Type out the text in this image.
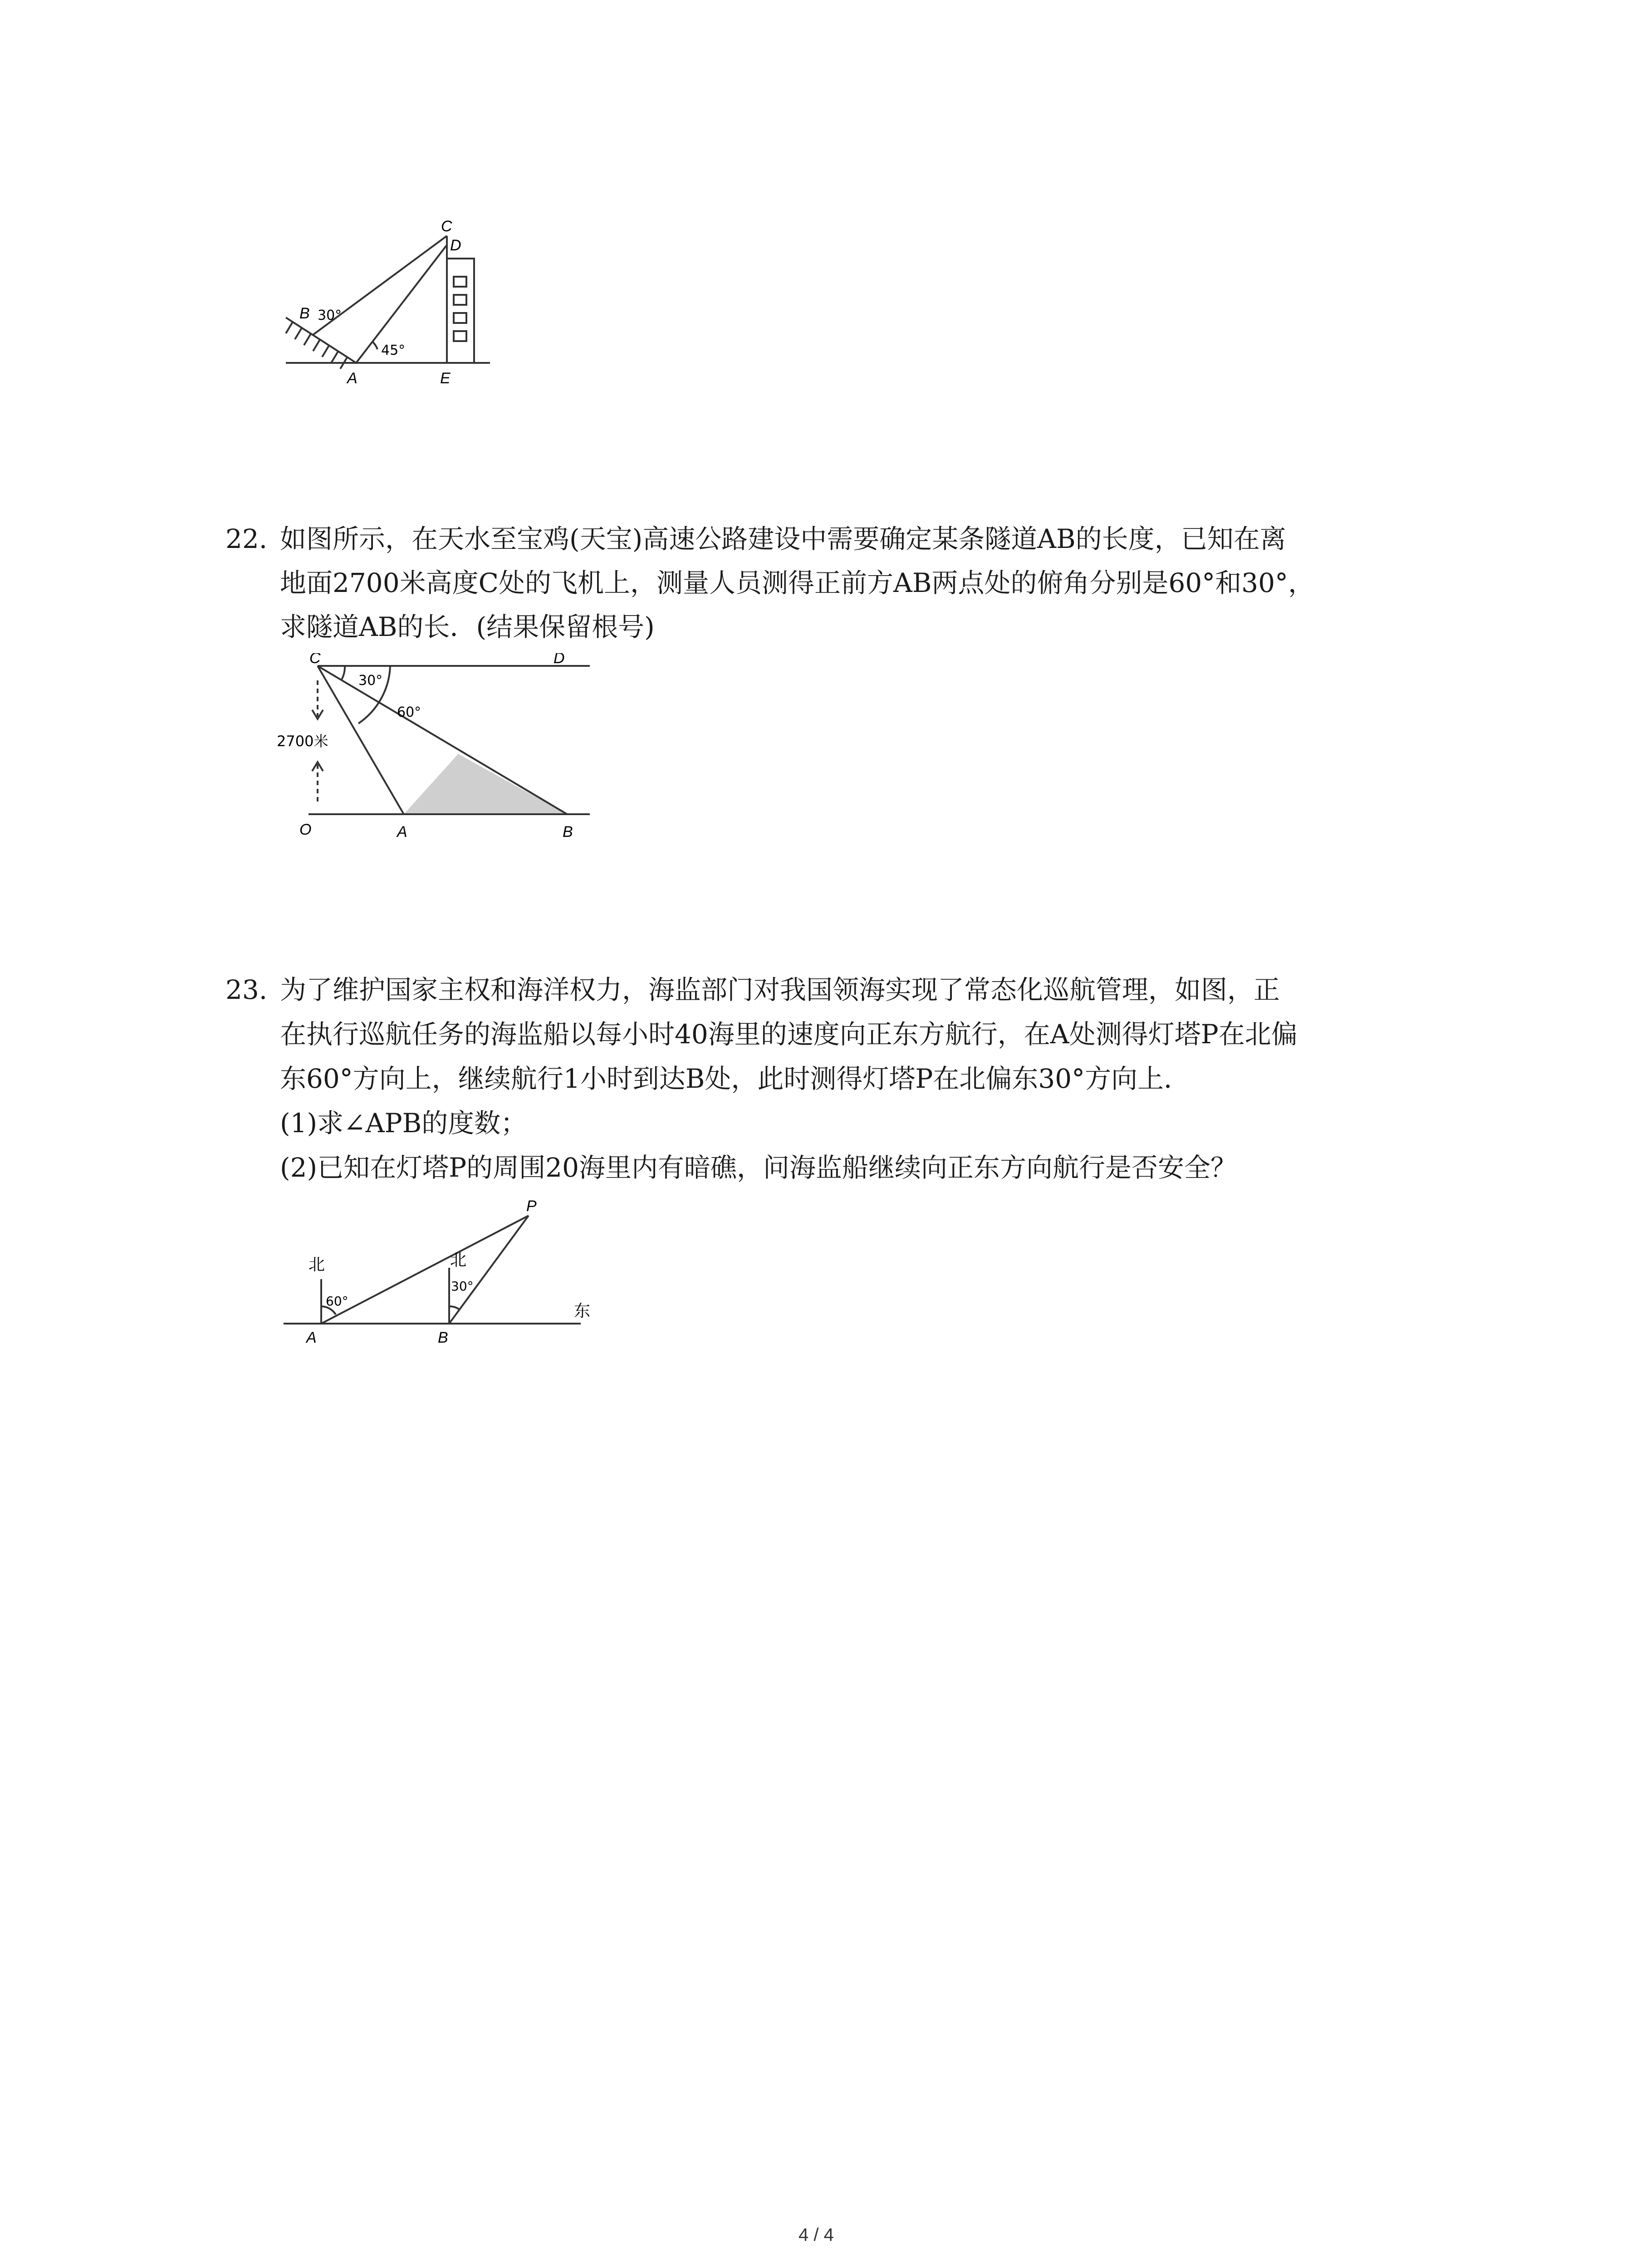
C
D
B 30°
45°
A	E
22. 如图所示，在天水至宝鸡(天宝)高速公路建设中需要确定某条隧道AB的长度，已知在离
地面2700米高度C处的飞机上，测量人员测得正前方AB两点处的俯角分别是60°和30°，
求隧道AB的长．(结果保留根号)
C	D
30°
60°
2700米
O	A	B
23. 为了维护国家主权和海洋权力，海监部门对我国领海实现了常态化巡航管理，如图，正
在执行巡航任务的海监船以每小时40海里的速度向正东方航行，在A处测得灯塔P在北偏
东60°方向上，继续航行1小时到达B处，此时测得灯塔P在北偏东30°方向上．
(1)求∠APB的度数；
(2)已知在灯塔P的周围20海里内有暗礁，问海监船继续向正东方向航行是否安全？
P
北	北
60°
30°
东
A	B
4 / 4
